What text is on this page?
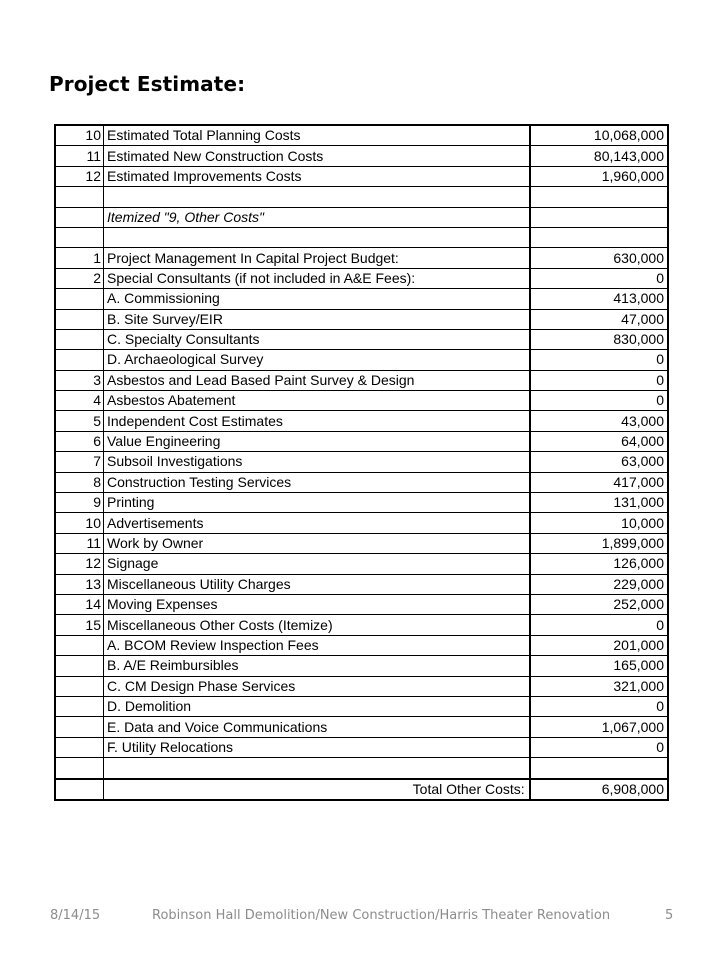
Project Estimate:
10	Estimated Total Planning Costs	10,068,000
11	Estimated New Construction Costs	80,143,000
12	Estimated Improvements Costs	1,960,000

	Itemized "9, Other Costs"	

1	Project Management In Capital Project Budget:	630,000
2	Special Consultants (if not included in A&E Fees):	0
	A. Commissioning	413,000
	B. Site Survey/EIR	47,000
	C. Specialty Consultants	830,000
	D. Archaeological Survey	0
3	Asbestos and Lead Based Paint Survey & Design	0
4	Asbestos Abatement	0
5	Independent Cost Estimates	43,000
6	Value Engineering	64,000
7	Subsoil Investigations	63,000
8	Construction Testing Services	417,000
9	Printing	131,000
10	Advertisements	10,000
11	Work by Owner	1,899,000
12	Signage	126,000
13	Miscellaneous Utility Charges	229,000
14	Moving Expenses	252,000
15	Miscellaneous Other Costs (Itemize)	0
	A. BCOM Review Inspection Fees	201,000
	B. A/E Reimbursibles	165,000
	C. CM Design Phase Services	321,000
	D. Demolition	0
	E. Data and Voice Communications	1,067,000
	F. Utility Relocations	0

	Total Other Costs:	6,908,000
8/14/15	Robinson Hall Demolition/New Construction/Harris Theater Renovation	5
